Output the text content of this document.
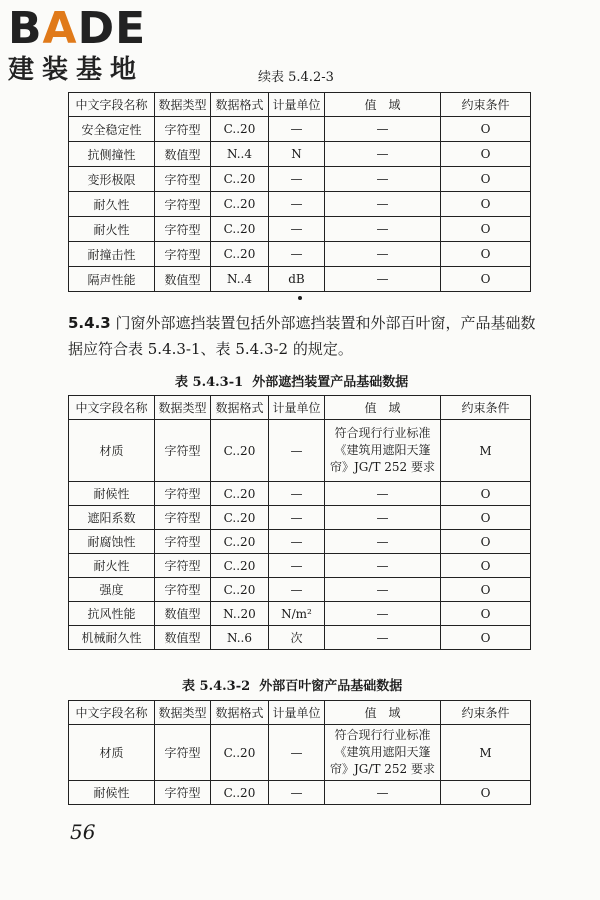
BADE
建装基地	续表 5.4.2-3
中文字段名称	数据类型	数据格式	计量单位	值　域	约束条件
安全稳定性	字符型	C..20	—	—	O
抗侧撞性	数值型	N..4	N	—	O
变形极限	字符型	C..20	—	—	O
耐久性	字符型	C..20	—	—	O
耐火性	字符型	C..20	—	—	O
耐撞击性	字符型	C..20	—	—	O
隔声性能	数值型	N..4	dB	—	O
5.4.3 门窗外部遮挡装置包括外部遮挡装置和外部百叶窗，产品基础数据应符合表 5.4.3-1、表 5.4.3-2 的规定。
表 5.4.3-1 外部遮挡装置产品基础数据
中文字段名称	数据类型	数据格式	计量单位	值　域	约束条件
材质	字符型	C..20	—	符合现行行业标准《建筑用遮阳天篷帘》JG/T 252 要求	M
耐候性	字符型	C..20	—	—	O
遮阳系数	字符型	C..20	—	—	O
耐腐蚀性	字符型	C..20	—	—	O
耐火性	字符型	C..20	—	—	O
强度	字符型	C..20	—	—	O
抗风性能	数值型	N..20	N/m²	—	O
机械耐久性	数值型	N..6	次	—	O
表 5.4.3-2 外部百叶窗产品基础数据
中文字段名称	数据类型	数据格式	计量单位	值　域	约束条件
材质	字符型	C..20	—	符合现行行业标准《建筑用遮阳天篷帘》JG/T 252 要求	M
耐候性	字符型	C..20	—	—	O
56
